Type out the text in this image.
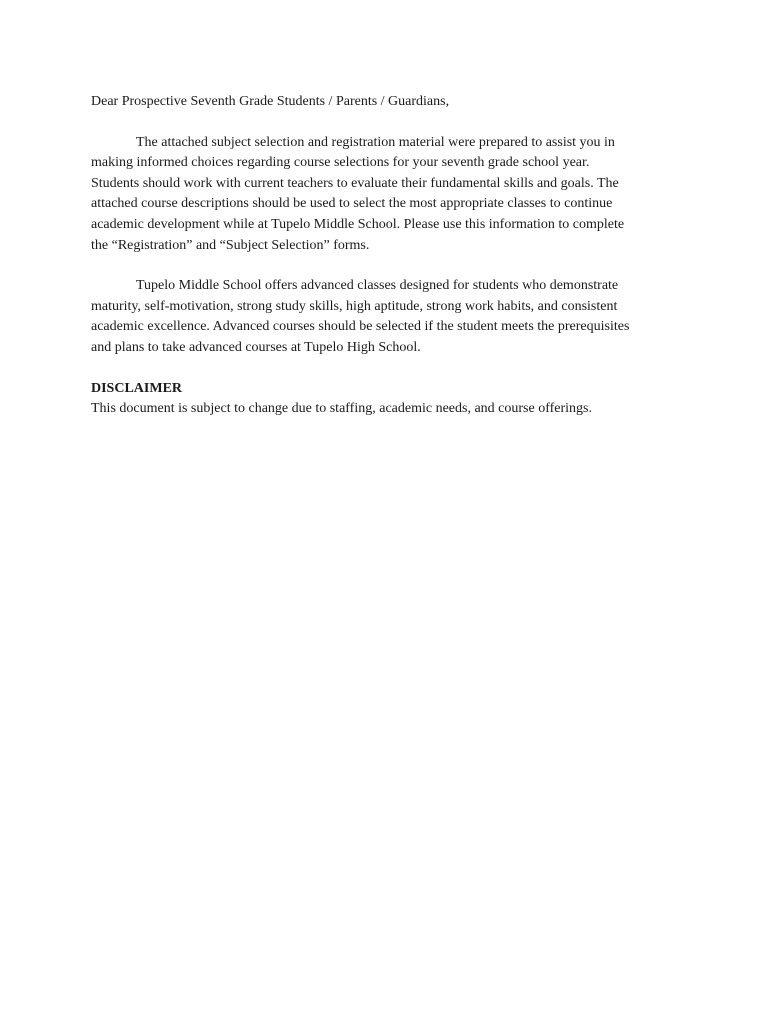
Dear Prospective Seventh Grade Students / Parents / Guardians,

The attached subject selection and registration material were prepared to assist you in
making informed choices regarding course selections for your seventh grade school year.
Students should work with current teachers to evaluate their fundamental skills and goals. The
attached course descriptions should be used to select the most appropriate classes to continue
academic development while at Tupelo Middle School. Please use this information to complete
the “Registration” and “Subject Selection” forms.

Tupelo Middle School offers advanced classes designed for students who demonstrate
maturity, self-motivation, strong study skills, high aptitude, strong work habits, and consistent
academic excellence. Advanced courses should be selected if the student meets the prerequisites
and plans to take advanced courses at Tupelo High School.

DISCLAIMER

This document is subject to change due to staffing, academic needs, and course offerings.
